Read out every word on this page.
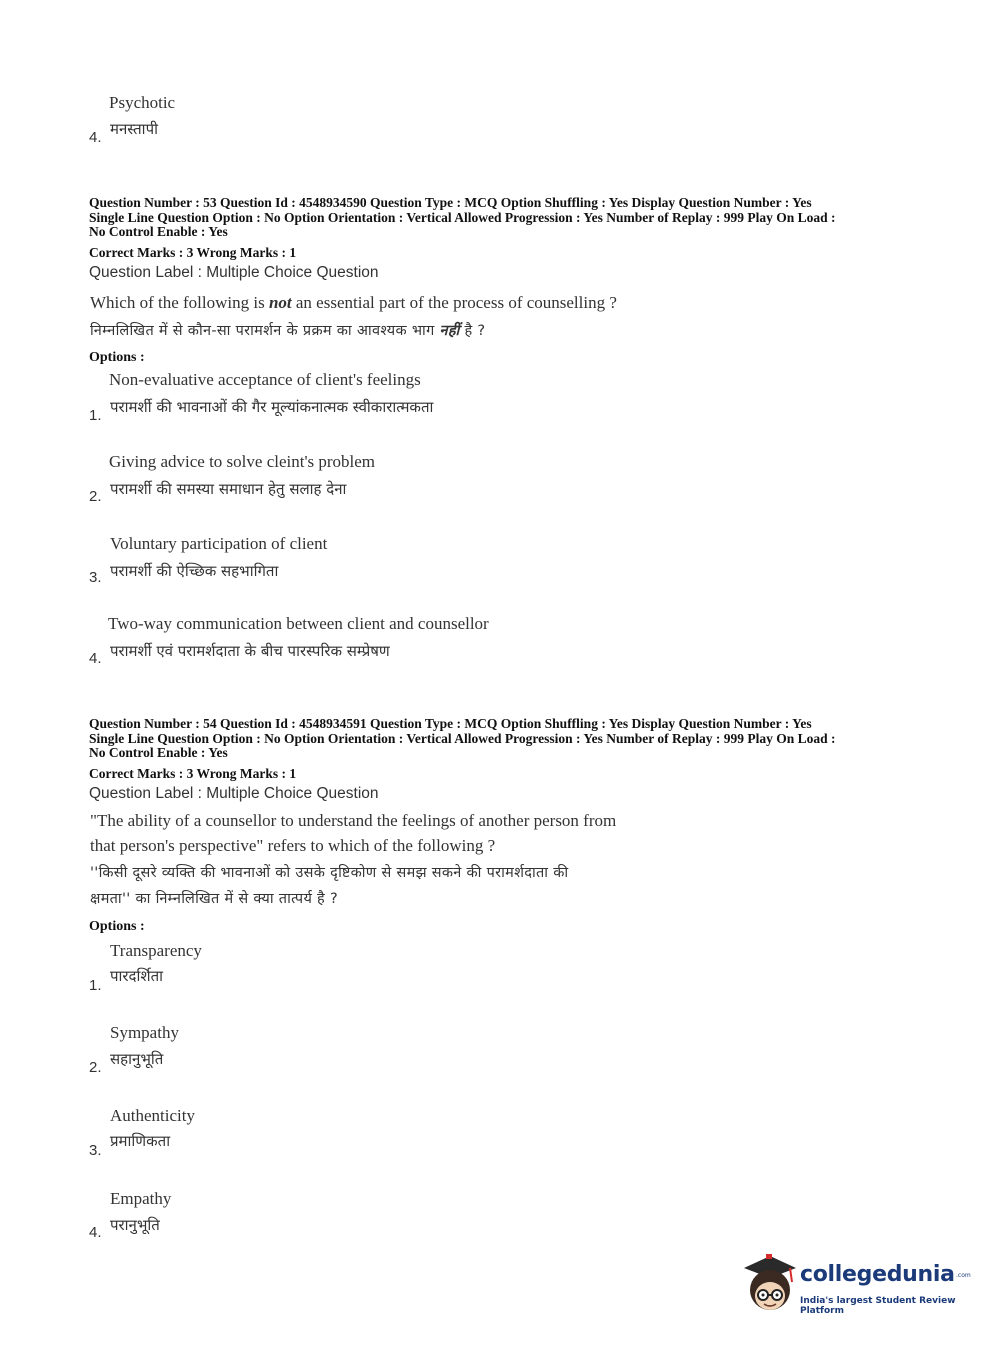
Psychotic
मनस्तापी
4.
Question Number : 53 Question Id : 4548934590 Question Type : MCQ Option Shuffling : Yes Display Question Number : Yes
Single Line Question Option : No Option Orientation : Vertical Allowed Progression : Yes Number of Replay : 999 Play On Load :
No Control Enable : Yes
Correct Marks : 3 Wrong Marks : 1
Question Label : Multiple Choice Question
Which of the following is not an essential part of the process of counselling ?
निम्नलिखित में से कौन-सा परामर्शन के प्रक्रम का आवश्यक भाग नहीं है ?
Options :
Non-evaluative acceptance of client's feelings
परामर्शी की भावनाओं की गैर मूल्यांकनात्मक स्वीकारात्मकता
1.
Giving advice to solve cleint's problem
परामर्शी की समस्या समाधान हेतु सलाह देना
2.
Voluntary participation of client
परामर्शी की ऐच्छिक सहभागिता
3.
Two-way communication between client and counsellor
परामर्शी एवं परामर्शदाता के बीच पारस्परिक सम्प्रेषण
4.
Question Number : 54 Question Id : 4548934591 Question Type : MCQ Option Shuffling : Yes Display Question Number : Yes
Single Line Question Option : No Option Orientation : Vertical Allowed Progression : Yes Number of Replay : 999 Play On Load :
No Control Enable : Yes
Correct Marks : 3 Wrong Marks : 1
Question Label : Multiple Choice Question
"The ability of a counsellor to understand the feelings of another person from
that person's perspective" refers to which of the following ?
''किसी दूसरे व्यक्ति की भावनाओं को उसके दृष्टिकोण से समझ सकने की परामर्शदाता की
क्षमता'' का निम्नलिखित में से क्या तात्पर्य है ?
Options :
Transparency
पारदर्शिता
1.
Sympathy
सहानुभूति
2.
Authenticity
प्रमाणिकता
3.
Empathy
परानुभूति
4.
collegedunia .com
India's largest Student Review Platform
